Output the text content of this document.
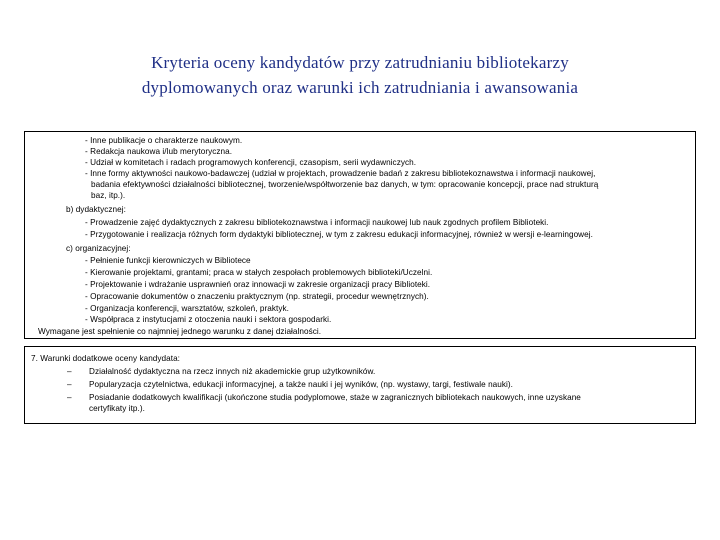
Kryteria oceny kandydatów przy zatrudnianiu bibliotekarzy
dyplomowanych oraz warunki ich zatrudniania i awansowania
- Inne publikacje o charakterze naukowym.
- Redakcja naukowa i/lub merytoryczna.
- Udział w komitetach i radach programowych konferencji, czasopism, serii wydawniczych.
- Inne formy aktywności naukowo-badawczej (udział w projektach, prowadzenie badań z zakresu bibliotekoznawstwa i informacji naukowej,
badania efektywności działalności bibliotecznej, tworzenie/współtworzenie baz danych, w tym: opracowanie koncepcji, prace nad strukturą
baz, itp.).
b) dydaktycznej:
- Prowadzenie zajęć dydaktycznych z zakresu bibliotekoznawstwa i informacji naukowej lub nauk zgodnych profilem Biblioteki.
- Przygotowanie i realizacja różnych form dydaktyki bibliotecznej, w tym z zakresu edukacji informacyjnej, również w wersji e-learningowej.
c) organizacyjnej:
- Pełnienie funkcji kierowniczych w Bibliotece
- Kierowanie projektami, grantami; praca w stałych zespołach problemowych biblioteki/Uczelni.
- Projektowanie i wdrażanie usprawnień oraz innowacji w zakresie organizacji pracy Biblioteki.
- Opracowanie dokumentów o znaczeniu praktycznym (np. strategii, procedur wewnętrznych).
- Organizacja konferencji, warsztatów, szkoleń, praktyk.
- Współpraca z instytucjami z otoczenia nauki i sektora gospodarki.
Wymagane jest spełnienie co najmniej jednego warunku z danej działalności.
7. Warunki dodatkowe oceny kandydata:
– Działalność dydaktyczna na rzecz innych niż akademickie grup użytkowników.
– Popularyzacja czytelnictwa, edukacji informacyjnej, a także nauki i jej wyników, (np. wystawy, targi, festiwale nauki).
– Posiadanie dodatkowych kwalifikacji (ukończone studia podyplomowe, staże w zagranicznych bibliotekach naukowych, inne uzyskane
certyfikaty itp.).
